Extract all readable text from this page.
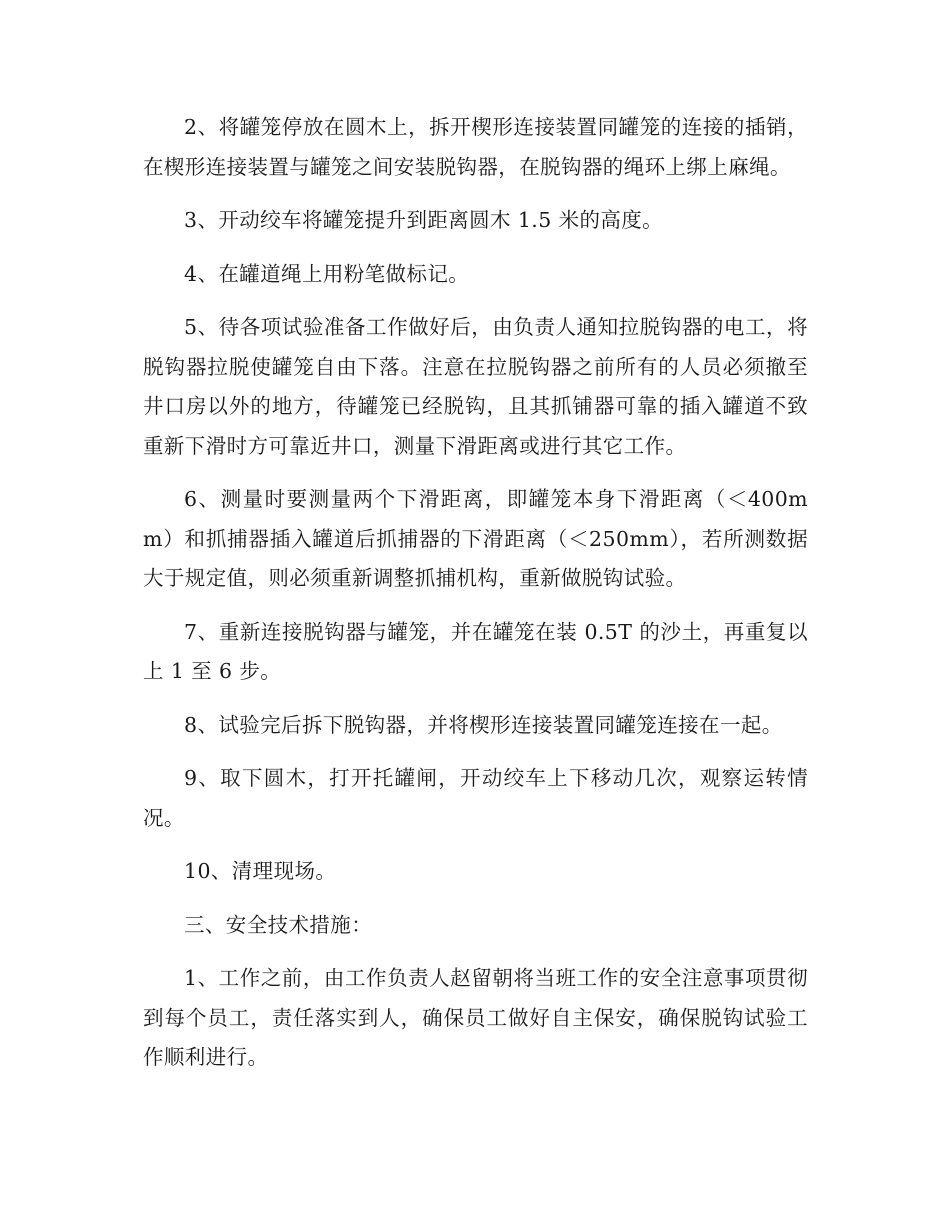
2、将罐笼停放在圆木上，拆开楔形连接装置同罐笼的连接的插销，在楔形连接装置与罐笼之间安装脱钩器，在脱钩器的绳环上绑上麻绳。

3、开动绞车将罐笼提升到距离圆木 1.5 米的高度。

4、在罐道绳上用粉笔做标记。

5、待各项试验准备工作做好后，由负责人通知拉脱钩器的电工，将脱钩器拉脱使罐笼自由下落。注意在拉脱钩器之前所有的人员必须撤至井口房以外的地方，待罐笼已经脱钩，且其抓铺器可靠的插入罐道不致重新下滑时方可靠近井口，测量下滑距离或进行其它工作。

6、测量时要测量两个下滑距离，即罐笼本身下滑距离（＜400mm）和抓捕器插入罐道后抓捕器的下滑距离（＜250mm），若所测数据大于规定值，则必须重新调整抓捕机构，重新做脱钩试验。

7、重新连接脱钩器与罐笼，并在罐笼在装 0.5T 的沙土，再重复以上 1 至 6 步。

8、试验完后拆下脱钩器，并将楔形连接装置同罐笼连接在一起。

9、取下圆木，打开托罐闸，开动绞车上下移动几次，观察运转情况。

10、清理现场。

三、安全技术措施：

1、工作之前，由工作负责人赵留朝将当班工作的安全注意事项贯彻到每个员工，责任落实到人，确保员工做好自主保安，确保脱钩试验工作顺利进行。
